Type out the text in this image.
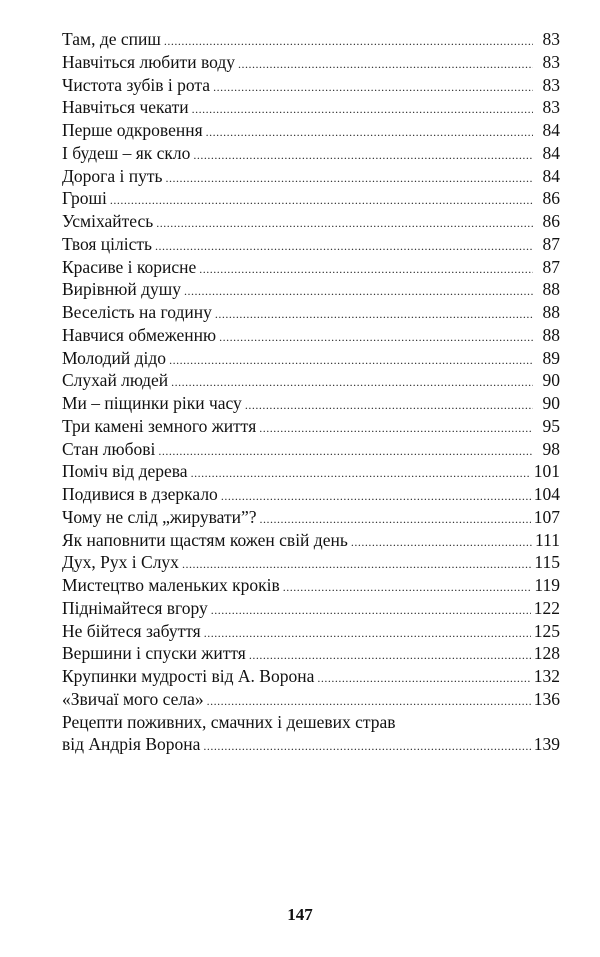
Там, де спиш .....	83
Навчіться любити воду .....	83
Чистота зубів і рота .....	83
Навчіться чекати .....	83
Перше одкровення .....	84
І будеш – як скло .....	84
Дорога і путь .....	84
Гроші .....	86
Усміхайтесь .....	86
Твоя цілість .....	87
Красиве і корисне .....	87
Вирівнюй душу .....	88
Веселість на годину .....	88
Навчися обмеженню .....	88
Молодий дідо .....	89
Слухай людей .....	90
Ми – піщинки ріки часу .....	90
Три камені земного життя .....	95
Стан любові .....	98
Поміч від дерева .....	101
Подивися в дзеркало .....	104
Чому не слід „жирувати”? .....	107
Як наповнити щастям кожен свій день .....	111
Дух, Рух і Слух .....	115
Мистецтво маленьких кроків .....	119
Піднімайтеся вгору .....	122
Не бійтеся забуття .....	125
Вершини і спуски життя .....	128
Крупинки мудрості від А. Ворона .....	132
«Звичаї мого села» .....	136
Рецепти поживних, смачних і дешевих страв
від Андрія Ворона .....	139
147
